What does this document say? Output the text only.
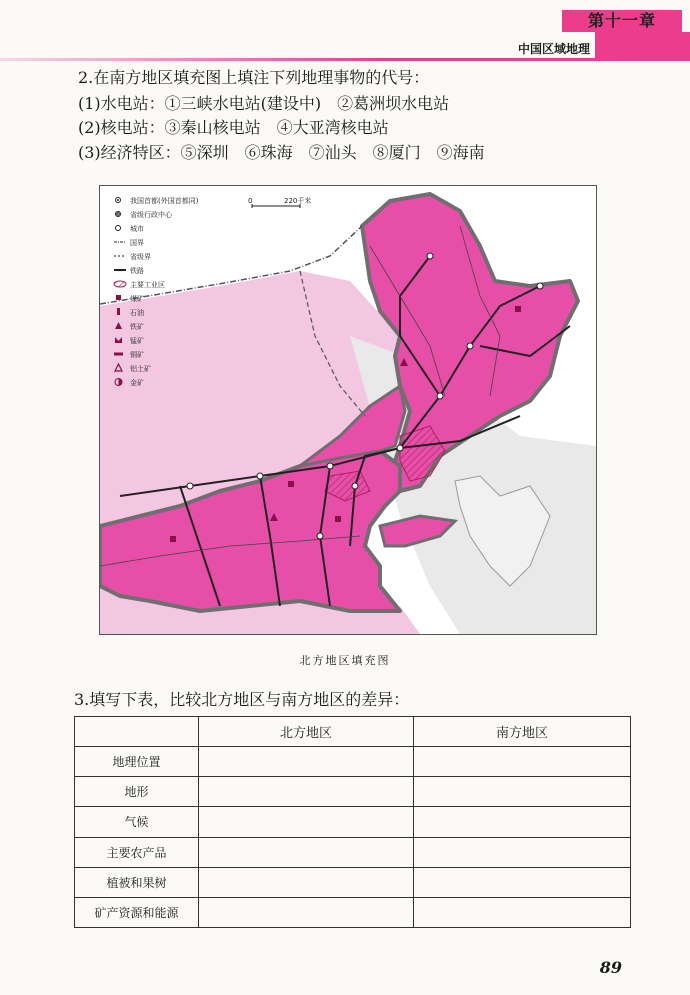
第十一章
中国区域地理
2.在南方地区填充图上填注下列地理事物的代号：
(1)水电站：①三峡水电站(建设中)　②葛洲坝水电站
(2)核电站：③秦山核电站　④大亚湾核电站
(3)经济特区：⑤深圳　⑥珠海　⑦汕头　⑧厦门　⑨海南
我国首都(外国首都同)
省级行政中心
城市
国界
省级界
铁路
主要工业区
煤矿
石油
铁矿
锰矿
铜矿
铝土矿
金矿
0	220千米
北方地区填充图
3.填写下表，比较北方地区与南方地区的差异：
	北方地区	南方地区
地理位置		
地形		
气候		
主要农产品		
植被和果树		
矿产资源和能源		
89
